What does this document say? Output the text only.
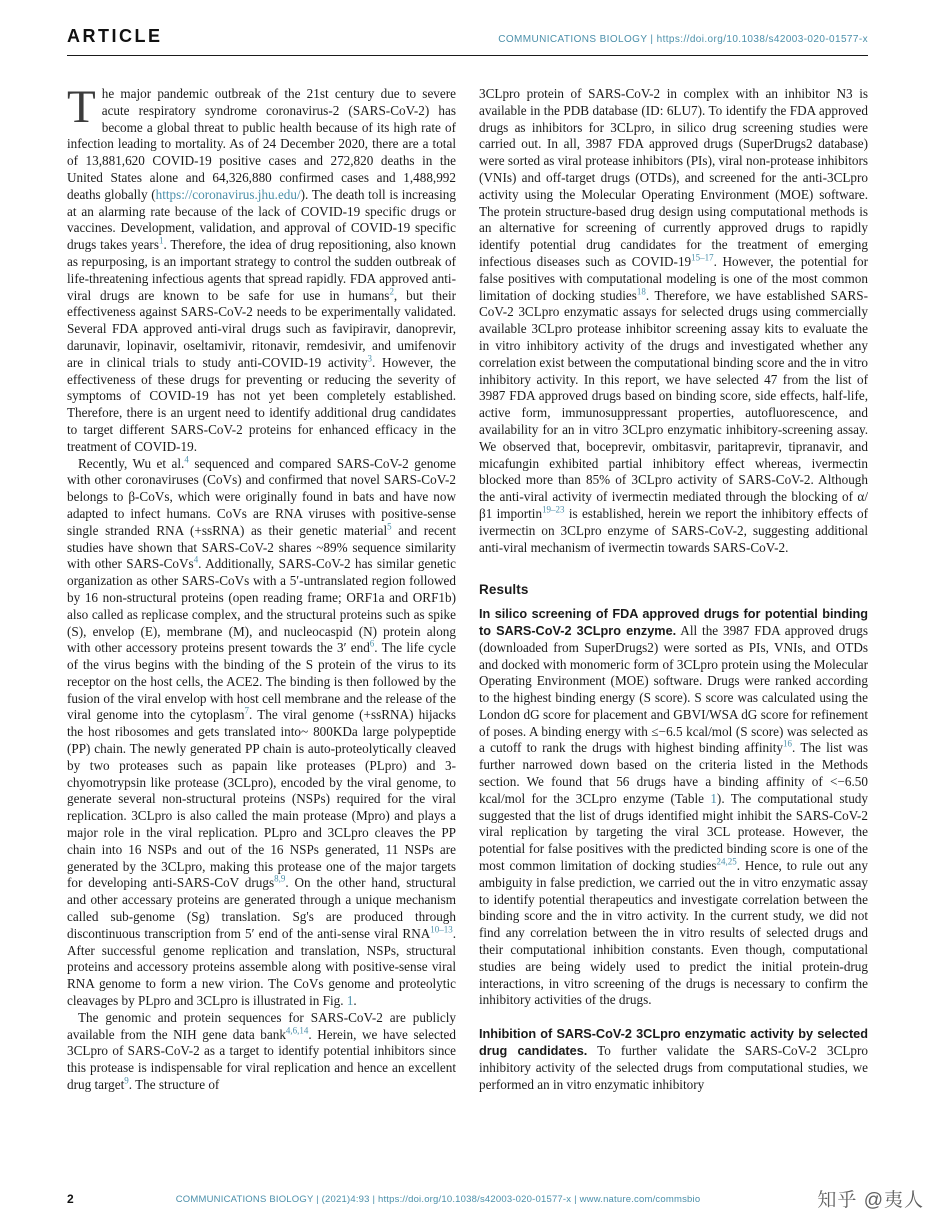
ARTICLE	COMMUNICATIONS BIOLOGY | https://doi.org/10.1038/s42003-020-01577-x

The major pandemic outbreak of the 21st century due to severe acute respiratory syndrome coronavirus-2 (SARS-CoV-2) has become a global threat to public health because of its high rate of infection leading to mortality. As of 24 December 2020, there are a total of 13,881,620 COVID-19 positive cases and 272,820 deaths in the United States alone and 64,326,880 confirmed cases and 1,488,992 deaths globally (https://coronavirus.jhu.edu/). The death toll is increasing at an alarming rate because of the lack of COVID-19 specific drugs or vaccines. Development, validation, and approval of COVID-19 specific drugs takes years$^1$. Therefore, the idea of drug repositioning, also known as repurposing, is an important strategy to control the sudden outbreak of life-threatening infectious agents that spread rapidly. FDA approved anti-viral drugs are known to be safe for use in humans$^2$, but their effectiveness against SARS-CoV-2 needs to be experimentally validated. Several FDA approved anti-viral drugs such as favipiravir, danoprevir, darunavir, lopinavir, oseltamivir, ritonavir, remdesivir, and umifenovir are in clinical trials to study anti-COVID-19 activity$^3$. However, the effectiveness of these drugs for preventing or reducing the severity of symptoms of COVID-19 has not yet been completely established. Therefore, there is an urgent need to identify additional drug candidates to target different SARS-CoV-2 proteins for enhanced efficacy in the treatment of COVID-19.

Recently, Wu et al.$^4$ sequenced and compared SARS-CoV-2 genome with other coronaviruses (CoVs) and confirmed that novel SARS-CoV-2 belongs to β-CoVs, which were originally found in bats and have now adapted to infect humans. CoVs are RNA viruses with positive-sense single stranded RNA (+ssRNA) as their genetic material$^5$ and recent studies have shown that SARS-CoV-2 shares ~89% sequence similarity with other SARS-CoVs$^4$. Additionally, SARS-CoV-2 has similar genetic organization as other SARS-CoVs with a 5′-untranslated region followed by 16 non-structural proteins (open reading frame; ORF1a and ORF1b) also called as replicase complex, and the structural proteins such as spike (S), envelop (E), membrane (M), and nucleocaspid (N) protein along with other accessory proteins present towards the 3′ end$^6$. The life cycle of the virus begins with the binding of the S protein of the virus to its receptor on the host cells, the ACE2. The binding is then followed by the fusion of the viral envelop with host cell membrane and the release of the viral genome into the cytoplasm$^7$. The viral genome (+ssRNA) hijacks the host ribosomes and gets translated into~ 800KDa large polypeptide (PP) chain. The newly generated PP chain is auto-proteolytically cleaved by two proteases such as papain like proteases (PLpro) and 3-chyomotrypsin like protease (3CLpro), encoded by the viral genome, to generate several non-structural proteins (NSPs) required for the viral replication. 3CLpro is also called the main protease (Mpro) and plays a major role in the viral replication. PLpro and 3CLpro cleaves the PP chain into 16 NSPs and out of the 16 NSPs generated, 11 NSPs are generated by the 3CLpro, making this protease one of the major targets for developing anti-SARS-CoV drugs$^{8,9}$. On the other hand, structural and other accessary proteins are generated through a unique mechanism called sub-genome (Sg) translation. Sg's are produced through discontinuous transcription from 5′ end of the anti-sense viral RNA$^{10-13}$. After successful genome replication and translation, NSPs, structural proteins and accessory proteins assemble along with positive-sense viral RNA genome to form a new virion. The CoVs genome and proteolytic cleavages by PLpro and 3CLpro is illustrated in Fig. 1.

The genomic and protein sequences for SARS-CoV-2 are publicly available from the NIH gene data bank$^{4,6,14}$. Herein, we have selected 3CLpro of SARS-CoV-2 as a target to identify potential inhibitors since this protease is indispensable for viral replication and hence an excellent drug target$^9$. The structure of

3CLpro protein of SARS-CoV-2 in complex with an inhibitor N3 is available in the PDB database (ID: 6LU7). To identify the FDA approved drugs as inhibitors for 3CLpro, in silico drug screening studies were carried out. In all, 3987 FDA approved drugs (SuperDrugs2 database) were sorted as viral protease inhibitors (PIs), viral non-protease inhibitors (VNIs) and off-target drugs (OTDs), and screened for the anti-3CLpro activity using the Molecular Operating Environment (MOE) software. The protein structure-based drug design using computational methods is an alternative for screening of currently approved drugs to rapidly identify potential drug candidates for the treatment of emerging infectious diseases such as COVID-19$^{15-17}$. However, the potential for false positives with computational modeling is one of the most common limitation of docking studies$^{18}$. Therefore, we have established SARS-CoV-2 3CLpro enzymatic assays for selected drugs using commercially available 3CLpro protease inhibitor screening assay kits to evaluate the in vitro inhibitory activity of the drugs and investigated whether any correlation exist between the computational binding score and the in vitro inhibitory activity. In this report, we have selected 47 from the list of 3987 FDA approved drugs based on binding score, side effects, half-life, active form, immunosuppressant properties, autofluorescence, and availability for an in vitro 3CLpro enzymatic inhibitory-screening assay. We observed that, boceprevir, ombitasvir, paritaprevir, tipranavir, and micafungin exhibited partial inhibitory effect whereas, ivermectin blocked more than 85% of 3CLpro activity of SARS-CoV-2. Although the anti-viral activity of ivermectin mediated through the blocking of α/β1 importin$^{19-23}$ is established, herein we report the inhibitory effects of ivermectin on 3CLpro enzyme of SARS-CoV-2, suggesting additional anti-viral mechanism of ivermectin towards SARS-CoV-2.

Results

In silico screening of FDA approved drugs for potential binding to SARS-CoV-2 3CLpro enzyme. All the 3987 FDA approved drugs (downloaded from SuperDrugs2) were sorted as PIs, VNIs, and OTDs and docked with monomeric form of 3CLpro protein using the Molecular Operating Environment (MOE) software. Drugs were ranked according to the highest binding energy (S score). S score was calculated using the London dG score for placement and GBVI/WSA dG score for refinement of poses. A binding energy with ≤−6.5 kcal/mol (S score) was selected as a cutoff to rank the drugs with highest binding affinity$^{16}$. The list was further narrowed down based on the criteria listed in the Methods section. We found that 56 drugs have a binding affinity of <−6.50 kcal/mol for the 3CLpro enzyme (Table 1). The computational study suggested that the list of drugs identified might inhibit the SARS-CoV-2 viral replication by targeting the viral 3CL protease. However, the potential for false positives with the predicted binding score is one of the most common limitation of docking studies$^{24,25}$. Hence, to rule out any ambiguity in false prediction, we carried out the in vitro enzymatic assay to identify potential therapeutics and investigate correlation between the binding score and the in vitro activity. In the current study, we did not find any correlation between the in vitro results of selected drugs and their computational inhibition constants. Even though, computational studies are being widely used to predict the initial protein-drug interactions, in vitro screening of the drugs is necessary to confirm the inhibitory activities of the drugs.

Inhibition of SARS-CoV-2 3CLpro enzymatic activity by selected drug candidates. To further validate the SARS-CoV-2 3CLpro inhibitory activity of the selected drugs from computational studies, we performed an in vitro enzymatic inhibitory

2	COMMUNICATIONS BIOLOGY | (2021)4:93 | https://doi.org/10.1038/s42003-020-01577-x | www.nature.com/commsbio	知乎 @夷人
